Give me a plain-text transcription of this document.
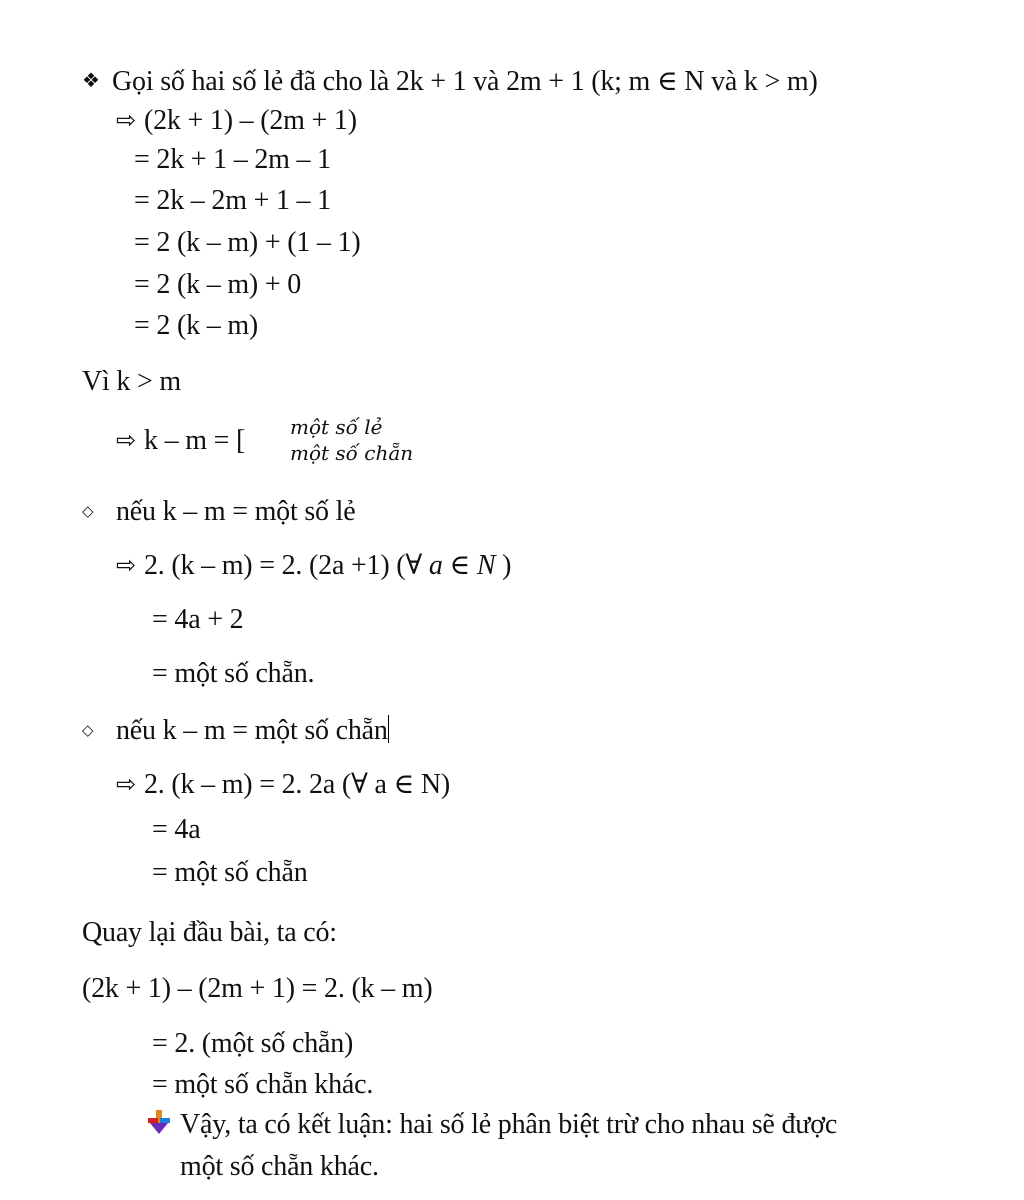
❖ Gọi số hai số lẻ đã cho là 2k + 1 và 2m + 1 (k; m ∈ N và k > m)
⇨ (2k + 1) – (2m + 1)
= 2k + 1 – 2m – 1
= 2k – 2m + 1 – 1
= 2 (k – m) + (1 – 1)
= 2 (k – m) + 0
= 2 (k – m)
Vì k > m
⇨ k – m = [ một số lẻ
một số chẵn
◇ nếu k – m = một số lẻ
⇨ 2. (k – m) = 2. (2a +1) (∀ a ∈ N )
= 4a + 2
= một số chẵn.
◇ nếu k – m = một số chẵn
⇨ 2. (k – m) = 2. 2a (∀ a ∈ N)
= 4a
= một số chẵn
Quay lại đầu bài, ta có:
(2k + 1) – (2m + 1) = 2. (k – m)
= 2. (một số chẵn)
= một số chẵn khác.
Vậy, ta có kết luận: hai số lẻ phân biệt trừ cho nhau sẽ được
một số chẵn khác.
